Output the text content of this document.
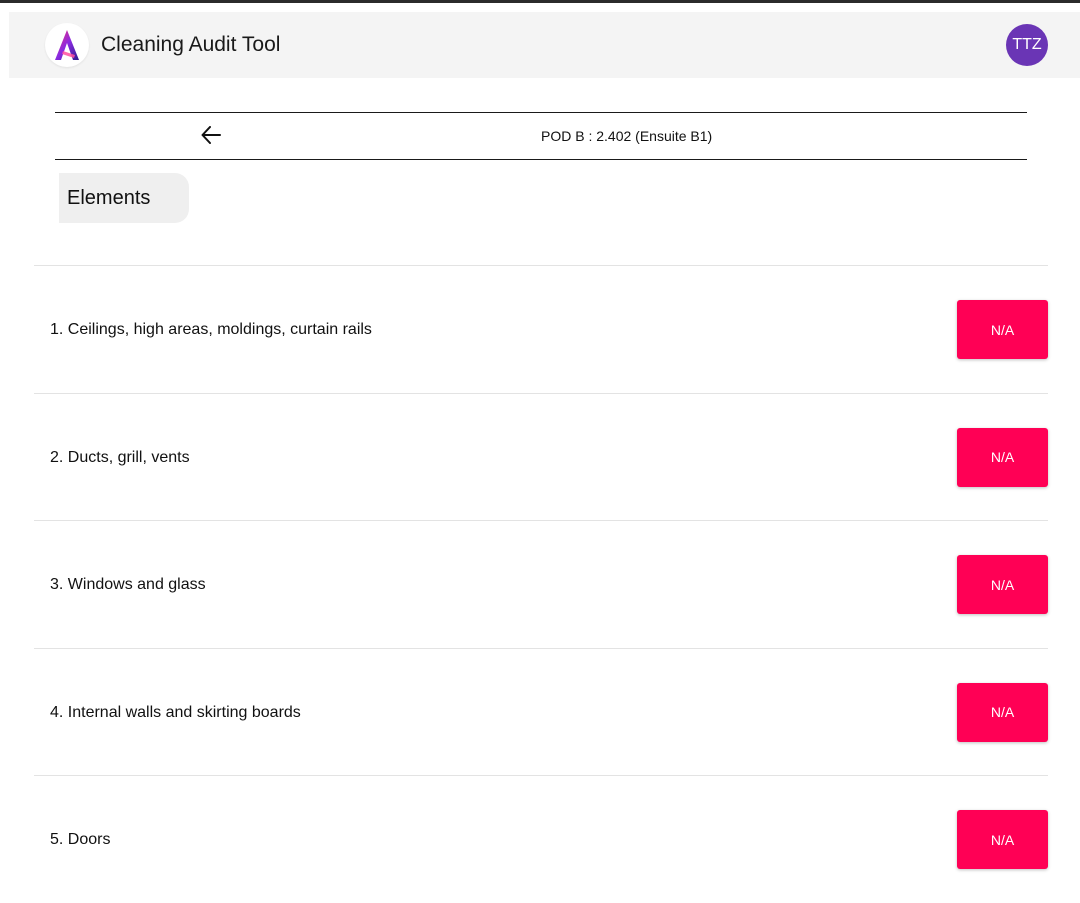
Cleaning Audit Tool	TTZ
POD B : 2.402 (Ensuite B1)
Elements
1. Ceilings, high areas, moldings, curtain rails	N/A
2. Ducts, grill, vents	N/A
3. Windows and glass	N/A
4. Internal walls and skirting boards	N/A
5. Doors	N/A
